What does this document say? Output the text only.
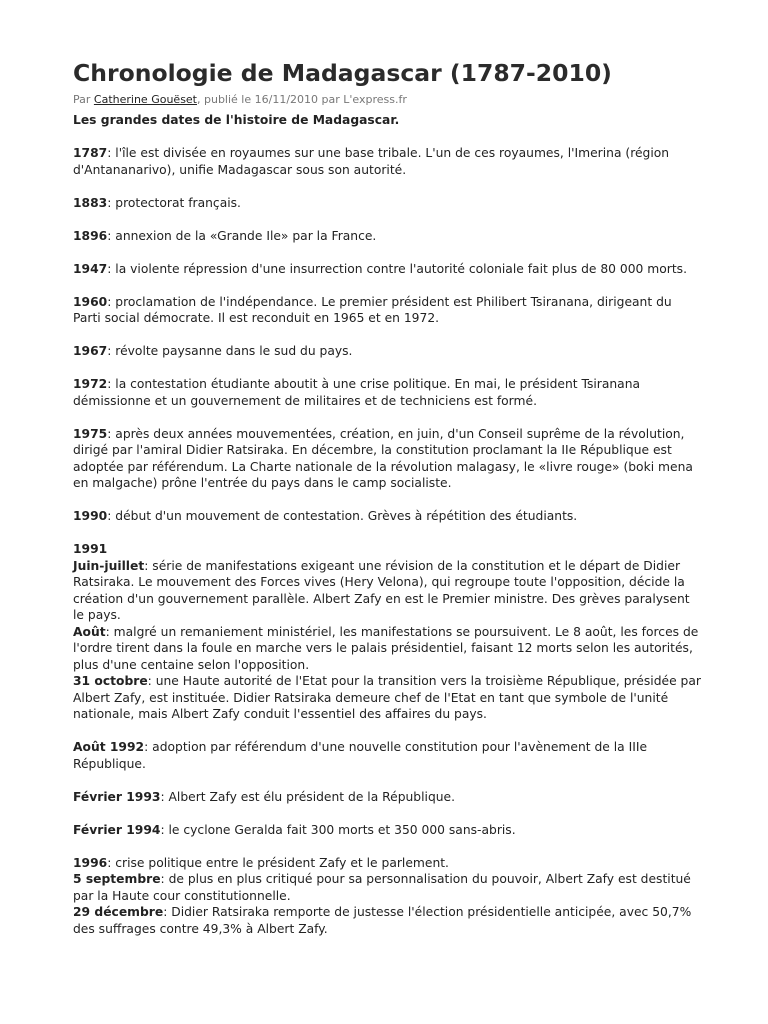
Chronologie de Madagascar (1787-2010)
Par Catherine Gouëset, publié le 16/11/2010 par L'express.fr

Les grandes dates de l'histoire de Madagascar.

1787: l'île est divisée en royaumes sur une base tribale. L'un de ces royaumes, l'Imerina (région d'Antananarivo), unifie Madagascar sous son autorité.

1883: protectorat français.

1896: annexion de la «Grande Ile» par la France.

1947: la violente répression d'une insurrection contre l'autorité coloniale fait plus de 80 000 morts.

1960: proclamation de l'indépendance. Le premier président est Philibert Tsiranana, dirigeant du Parti social démocrate. Il est reconduit en 1965 et en 1972.

1967: révolte paysanne dans le sud du pays.

1972: la contestation étudiante aboutit à une crise politique. En mai, le président Tsiranana démissionne et un gouvernement de militaires et de techniciens est formé.

1975: après deux années mouvementées, création, en juin, d'un Conseil suprême de la révolution, dirigé par l'amiral Didier Ratsiraka. En décembre, la constitution proclamant la IIe République est adoptée par référendum. La Charte nationale de la révolution malagasy, le «livre rouge» (boki mena en malgache) prône l'entrée du pays dans le camp socialiste.

1990: début d'un mouvement de contestation. Grèves à répétition des étudiants.

1991
Juin-juillet: série de manifestations exigeant une révision de la constitution et le départ de Didier Ratsiraka. Le mouvement des Forces vives (Hery Velona), qui regroupe toute l'opposition, décide la création d'un gouvernement parallèle. Albert Zafy en est le Premier ministre. Des grèves paralysent le pays.
Août: malgré un remaniement ministériel, les manifestations se poursuivent. Le 8 août, les forces de l'ordre tirent dans la foule en marche vers le palais présidentiel, faisant 12 morts selon les autorités, plus d'une centaine selon l'opposition.
31 octobre: une Haute autorité de l'Etat pour la transition vers la troisième République, présidée par Albert Zafy, est instituée. Didier Ratsiraka demeure chef de l'Etat en tant que symbole de l'unité nationale, mais Albert Zafy conduit l'essentiel des affaires du pays.

Août 1992: adoption par référendum d'une nouvelle constitution pour l'avènement de la IIIe République.

Février 1993: Albert Zafy est élu président de la République.

Février 1994: le cyclone Geralda fait 300 morts et 350 000 sans-abris.

1996: crise politique entre le président Zafy et le parlement.
5 septembre: de plus en plus critiqué pour sa personnalisation du pouvoir, Albert Zafy est destitué par la Haute cour constitutionnelle.
29 décembre: Didier Ratsiraka remporte de justesse l'élection présidentielle anticipée, avec 50,7% des suffrages contre 49,3% à Albert Zafy.
